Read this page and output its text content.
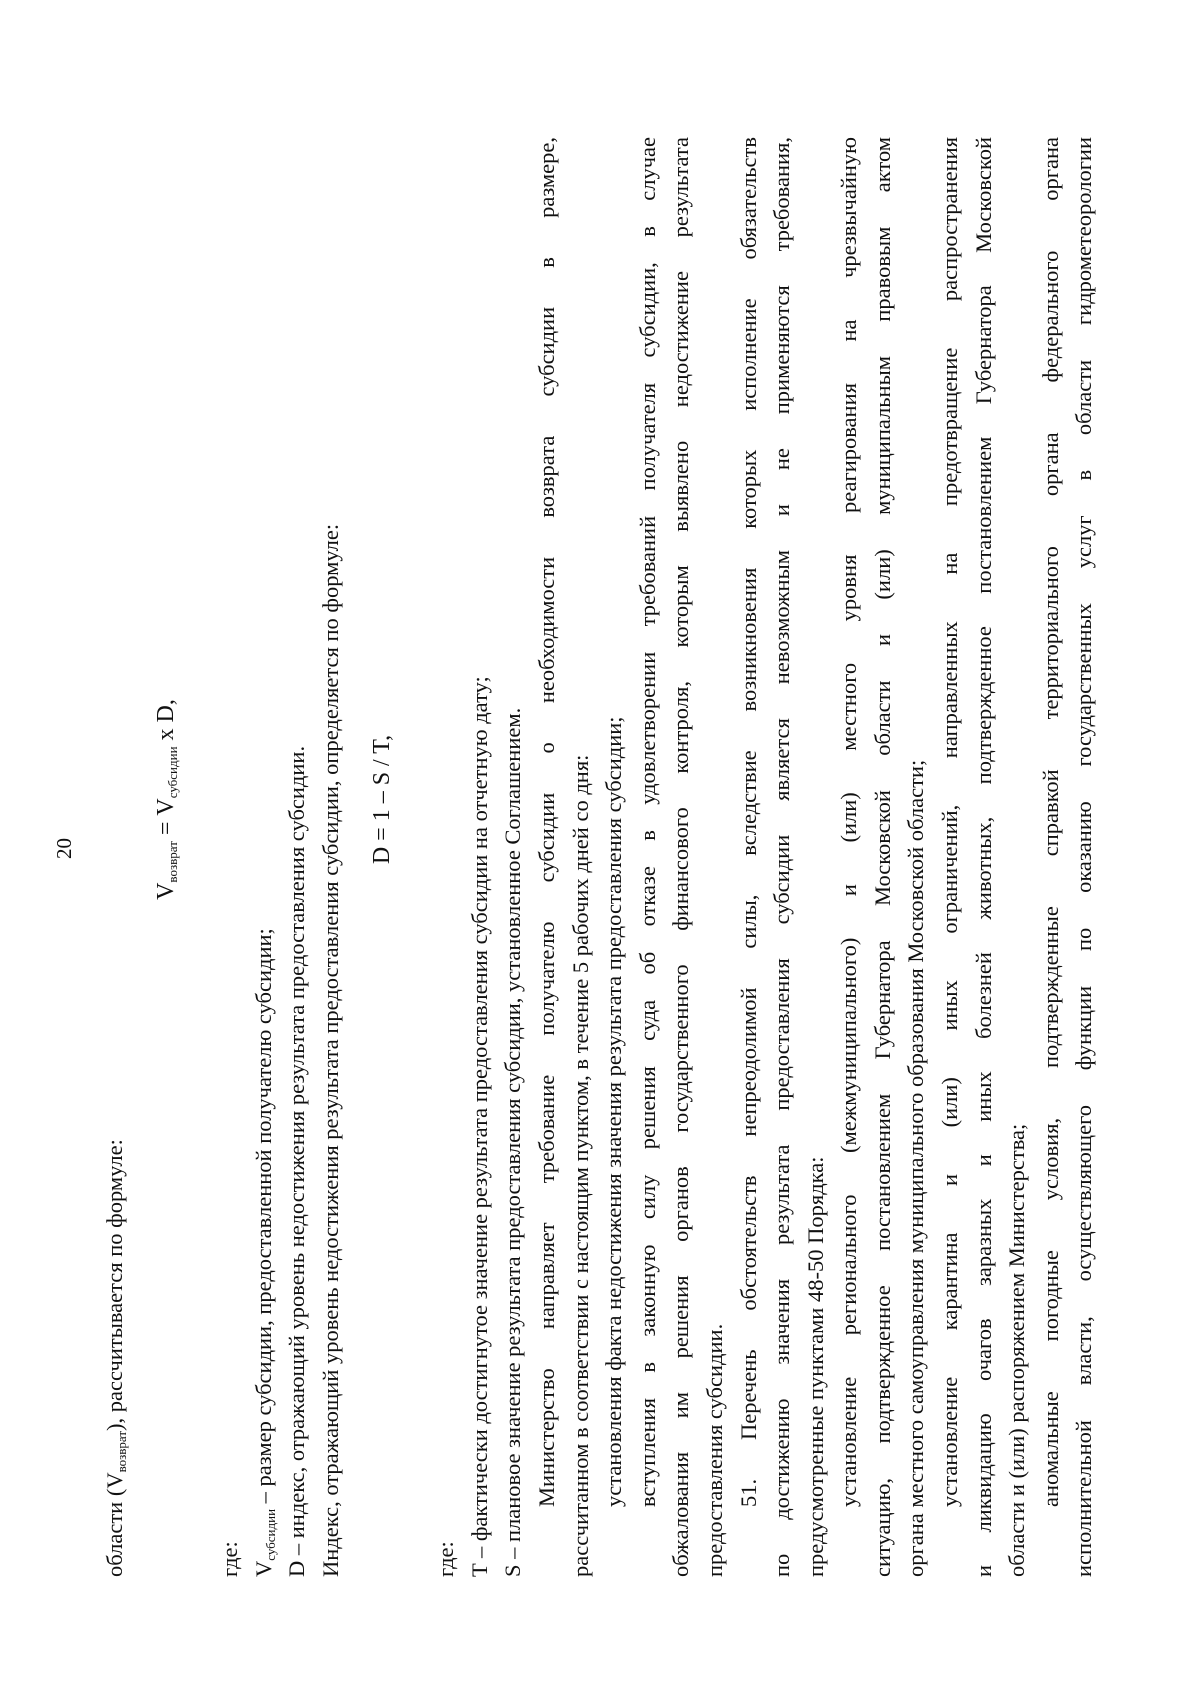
20
области $(V_{возврат})$, рассчитывается по формуле:
$V_{возврат} = V_{субсидии}$ x D,
где: $V_{субсидии}$ – размер субсидии, предоставленной получателю субсидии; D – индекс, отражающий уровень недостижения результата предоставления субсидии. Индекс, отражающий уровень недостижения результата предоставления субсидии, определяется по формуле: D = 1 – S / T,
где: T – фактически достигнутое значение результата предоставления субсидии на отчетную дату; S – плановое значение результата предоставления субсидии, установленное Соглашением. Министерство направляет требование получателю субсидии о необходимости возврата субсидии в размере, рассчитанном в соответствии с настоящим пунктом, в течение 5 рабочих дней со дня: установления факта недостижения значения результата предоставления субсидии; вступления в законную силу решения суда об отказе в удовлетворении требований получателя субсидии, в случае обжалования им решения органов государственного финансового контроля, которым выявлено недостижение результата предоставления субсидии. 51. Перечень обстоятельств непреодолимой силы, вследствие возникновения которых исполнение обязательств по достижению значения результата предоставления субсидии является невозможным и не применяются требования, предусмотренные пунктами 48-50 Порядка: установление регионального (межмуниципального) и (или) местного уровня реагирования на чрезвычайную ситуацию, подтвержденное постановлением Губернатора Московской области и (или) муниципальным правовым актом органа местного самоуправления муниципального образования Московской области; установление карантина и (или) иных ограничений, направленных на предотвращение распространения и ликвидацию очагов заразных и иных болезней животных, подтвержденное постановлением Губернатора Московской области и (или) распоряжением Министерства; аномальные погодные условия, подтвержденные справкой территориального органа федерального органа исполнительной власти, осуществляющего функции по оказанию государственных услуг в области гидрометеорологии
